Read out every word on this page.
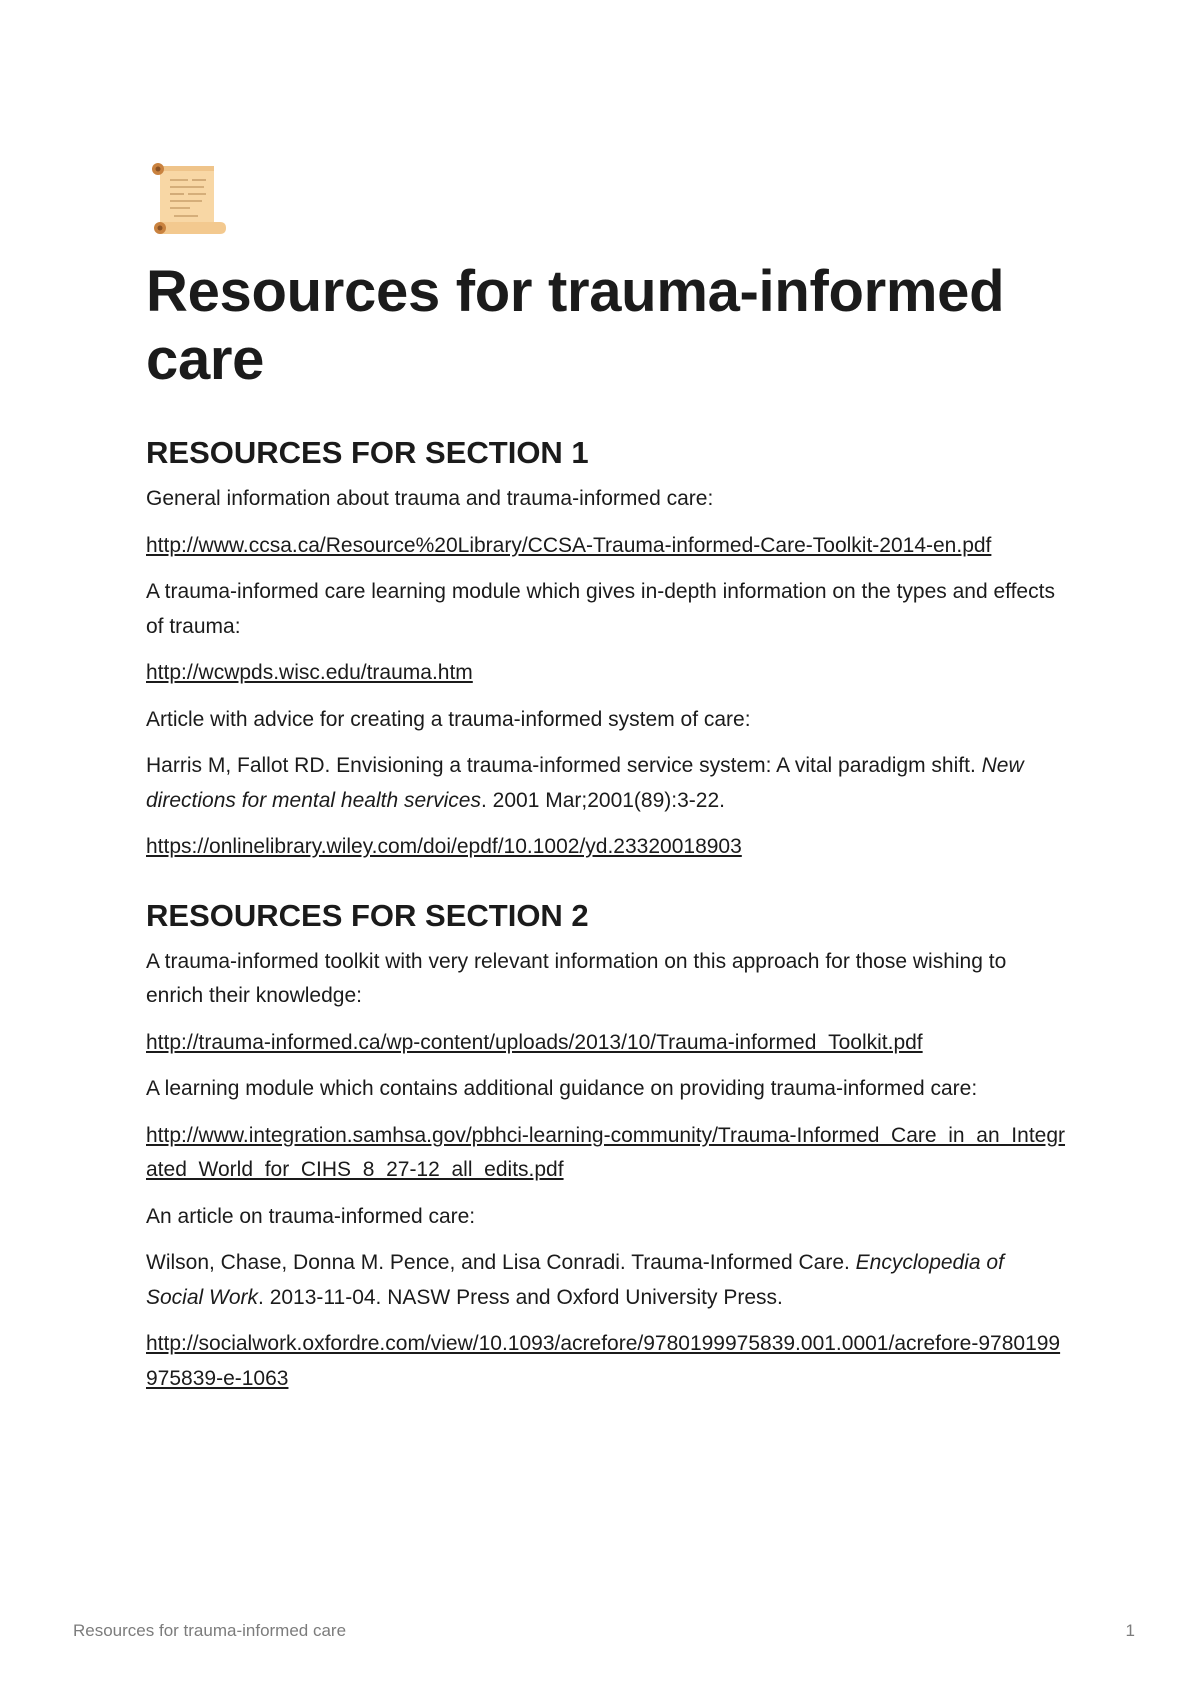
Resources for trauma-informed care
RESOURCES FOR SECTION 1

General information about trauma and trauma-informed care:

http://www.ccsa.ca/Resource%20Library/CCSA-Trauma-informed-Care-Toolkit-2014-en.pdf

A trauma-informed care learning module which gives in-depth information on the types and effects of trauma:

http://wcwpds.wisc.edu/trauma.htm

Article with advice for creating a trauma-informed system of care:

Harris M, Fallot RD. Envisioning a trauma-informed service system: A vital paradigm shift. New directions for mental health services. 2001 Mar;2001(89):3-22.

https://onlinelibrary.wiley.com/doi/epdf/10.1002/yd.23320018903

RESOURCES FOR SECTION 2

A trauma-informed toolkit with very relevant information on this approach for those wishing to enrich their knowledge:

http://trauma-informed.ca/wp-content/uploads/2013/10/Trauma-informed_Toolkit.pdf

A learning module which contains additional guidance on providing trauma-informed care:

http://www.integration.samhsa.gov/pbhci-learning-community/Trauma-Informed_Care_in_an_Integrated_World_for_CIHS_8_27-12_all_edits.pdf

An article on trauma-informed care:

Wilson, Chase, Donna M. Pence, and Lisa Conradi. Trauma-Informed Care. Encyclopedia of Social Work. 2013-11-04. NASW Press and Oxford University Press.

http://socialwork.oxfordre.com/view/10.1093/acrefore/9780199975839.001.0001/acrefore-9780199975839-e-1063

Resources for trauma-informed care	1
